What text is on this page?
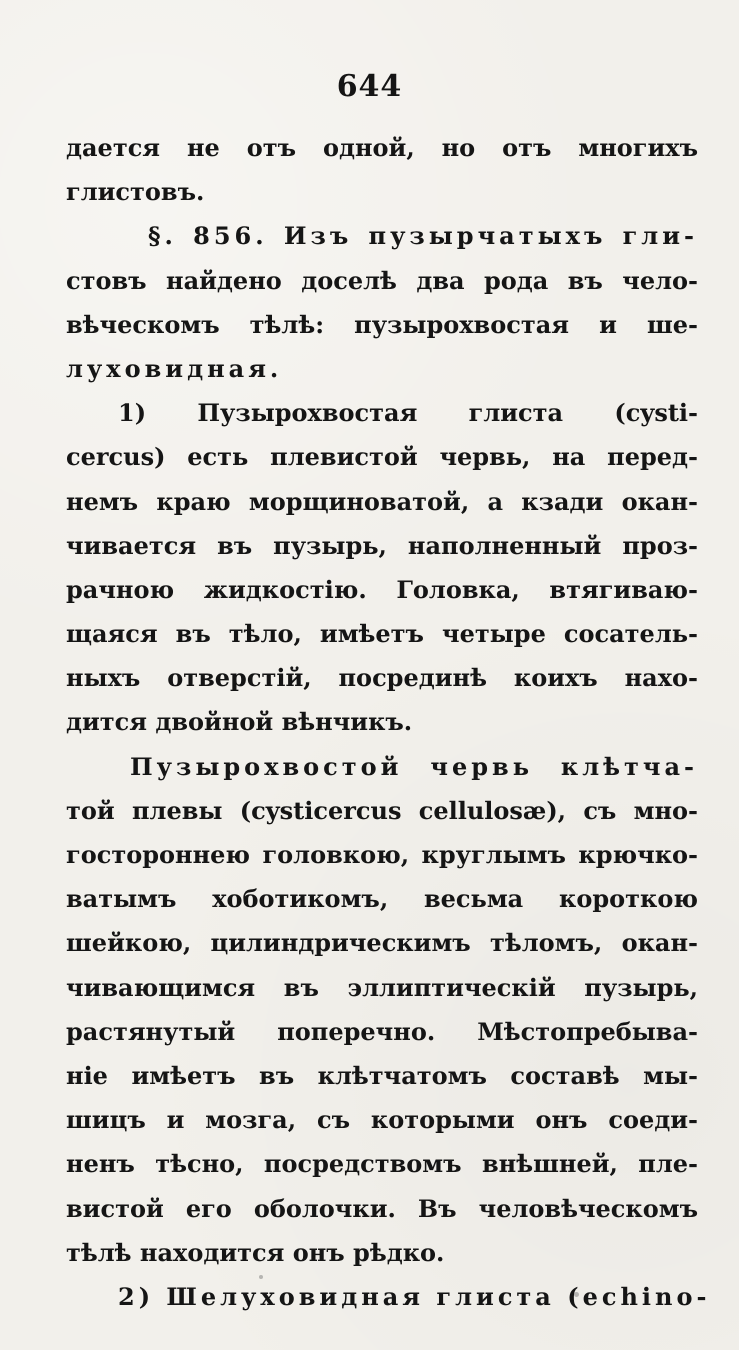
644
дается не отъ одной, но отъ многихъ
глистовъ.
§. 856. Изъ пузырчатыхъ гли-
стовъ найдено доселѣ два рода въ чело-
вѣческомъ тѣлѣ: пузырохвостая и ше-
луховидная.
1) Пузырохвостая глиста (cysti-
cercus) есть плевистой червь, на перед-
немъ краю морщиноватой, а кзади окан-
чивается въ пузырь, наполненный проз-
рачною жидкостію. Головка, втягиваю-
щаяся въ тѣло, имѣетъ четыре сосатель-
ныхъ отверстій, посрединѣ коихъ нахо-
дится двойной вѣнчикъ.
Пузырохвостой червь клѣтча-
той плевы (cysticercus cellulosæ), съ мно-
гостороннею головкою, круглымъ крючко-
ватымъ хоботикомъ, весьма короткою
шейкою, цилиндрическимъ тѣломъ, окан-
чивающимся въ эллиптическій пузырь,
растянутый поперечно. Мѣстопребыва-
ніе имѣетъ въ клѣтчатомъ составѣ мы-
шицъ и мозга, съ которыми онъ соеди-
ненъ тѣсно, посредствомъ внѣшней, пле-
вистой его оболочки. Въ человѣческомъ
тѣлѣ находится онъ рѣдко.
2) Шелуховидная глиста (echino-
